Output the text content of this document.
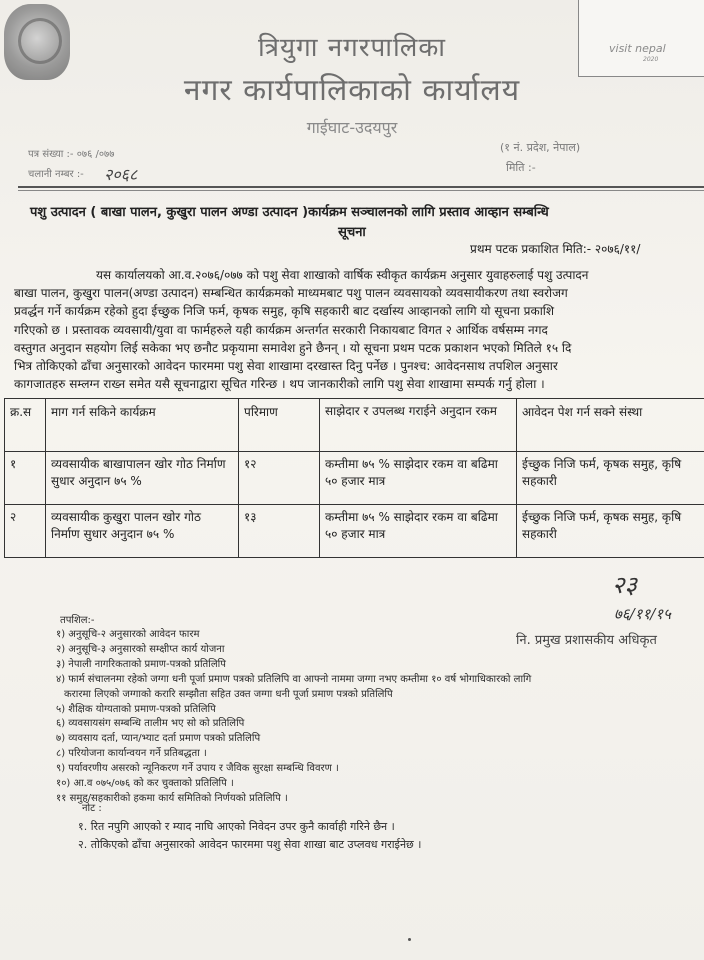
visit nepal
2020
त्रियुगा नगरपालिका
नगर कार्यपालिकाको कार्यालय
गाईघाट-उदयपुर
पत्र संख्या :- ०७६ /०७७
चलानी नम्बर :- २०६८
(१ नं. प्रदेश, नेपाल)
मिति :-
पशु उत्पादन ( बाखा पालन, कुखुरा पालन अण्डा उत्पादन )कार्यक्रम सञ्चालनको लागि प्रस्ताव आव्हान सम्बन्धि
सूचना
प्रथम पटक प्रकाशित मिति:- २०७६/११/
यस कार्यालयको आ.व.२०७६/०७७ को पशु सेवा शाखाको वार्षिक स्वीकृत कार्यक्रम अनुसार युवाहरुलाई पशु उत्पादन
बाखा पालन, कुखुरा पालन(अण्डा उत्पादन) सम्बन्धित कार्यक्रमको माध्यमबाट पशु पालन व्यवसायको व्यवसायीकरण तथा स्वरोजग
प्रवर्द्धन गर्ने कार्यक्रम रहेको हुदा ईच्छुक निजि फर्म, कृषक समुह, कृषि सहकारी बाट दर्खास्य आव्हानको लागि यो सूचना प्रकाशि
गरिएको छ । प्रस्तावक व्यवसायी/युवा वा फार्महरुले यही कार्यक्रम अन्तर्गत सरकारी निकायबाट विगत २ आर्थिक वर्षसम्म नगद
वस्तुगत अनुदान सहयोग लिई सकेका भए छनौट प्रकृयामा समावेश हुने छैनन् । यो सूचना प्रथम पटक प्रकाशन भएको मितिले १५ दि
भित्र तोकिएको ढाँचा अनुसारको आवेदन फारममा पशु सेवा शाखामा दरखास्त दिनु पर्नेछ । पुनश्च: आवेदनसाथ तपशिल अनुसार
कागजातहरु सम्लग्न राख्न समेत यसै सूचनाद्वारा सूचित गरिन्छ । थप जानकारीको लागि पशु सेवा शाखामा सम्पर्क गर्नु होला ।
क्र.स	माग गर्न सकिने कार्यक्रम	परिमाण	साझेदार र उपलब्ध गराईने अनुदान रकम	आवेदन पेश गर्न सक्ने संस्था
१	व्यवसायीक बाखापालन खोर गोठ निर्माण सुधार अनुदान ७५ %	१२	कम्तीमा ७५ % साझेदार रकम वा बढिमा ५० हजार मात्र	ईच्छुक निजि फर्म, कृषक समुह, कृषि सहकारी
२	व्यवसायीक कुखुरा पालन खोर गोठ निर्माण सुधार अनुदान ७५ %	१३	कम्तीमा ७५ % साझेदार रकम वा बढिमा ५० हजार मात्र	ईच्छुक निजि फर्म, कृषक समुह, कृषि सहकारी
२३
७६/११/१५
नि. प्रमुख प्रशासकीय अधिकृत
तपशिल:-
१) अनुसूचि-२ अनुसारको आवेदन फारम
२) अनुसूचि-३ अनुसारको सम्क्षीप्त कार्य योजना
३) नेपाली नागरिकताको प्रमाण-पत्रको प्रतिलिपि
४) फार्म संचालनमा रहेको जग्गा धनी पूर्जा प्रमाण पत्रको प्रतिलिपि वा आफ्नो नाममा जग्गा नभए कम्तीमा १० वर्ष भोगाधिकारको लागि
करारमा लिएको जग्गाको करारि सम्झौता सहित उक्त जग्गा धनी पूर्जा प्रमाण पत्रको प्रतिलिपि
५) शैक्षिक योग्यताको प्रमाण-पत्रको प्रतिलिपि
६) व्यवसायसंग सम्बन्धि तालीम भए सो को प्रतिलिपि
७) व्यवसाय दर्ता, प्यान/भ्याट दर्ता प्रमाण पत्रको प्रतिलिपि
८) परियोजना कार्यान्वयन गर्ने प्रतिबद्धता ।
९) पर्यावरणीय असरको न्यूनिकरण गर्ने उपाय र जैविक सुरक्षा सम्बन्धि विवरण ।
१०) आ.व ०७५/०७६ को कर चुक्ताको प्रतिलिपि ।
११ समुह/सहकारीको हकमा कार्य समितिको निर्णयको प्रतिलिपि ।
नोट :
१. रित नपुगि आएको र म्याद नाघि आएको निवेदन उपर कुनै कार्वाही गरिने छैन ।
२. तोकिएको ढाँचा अनुसारको आवेदन फारममा पशु सेवा शाखा बाट उप्लवध गराईनेछ ।
